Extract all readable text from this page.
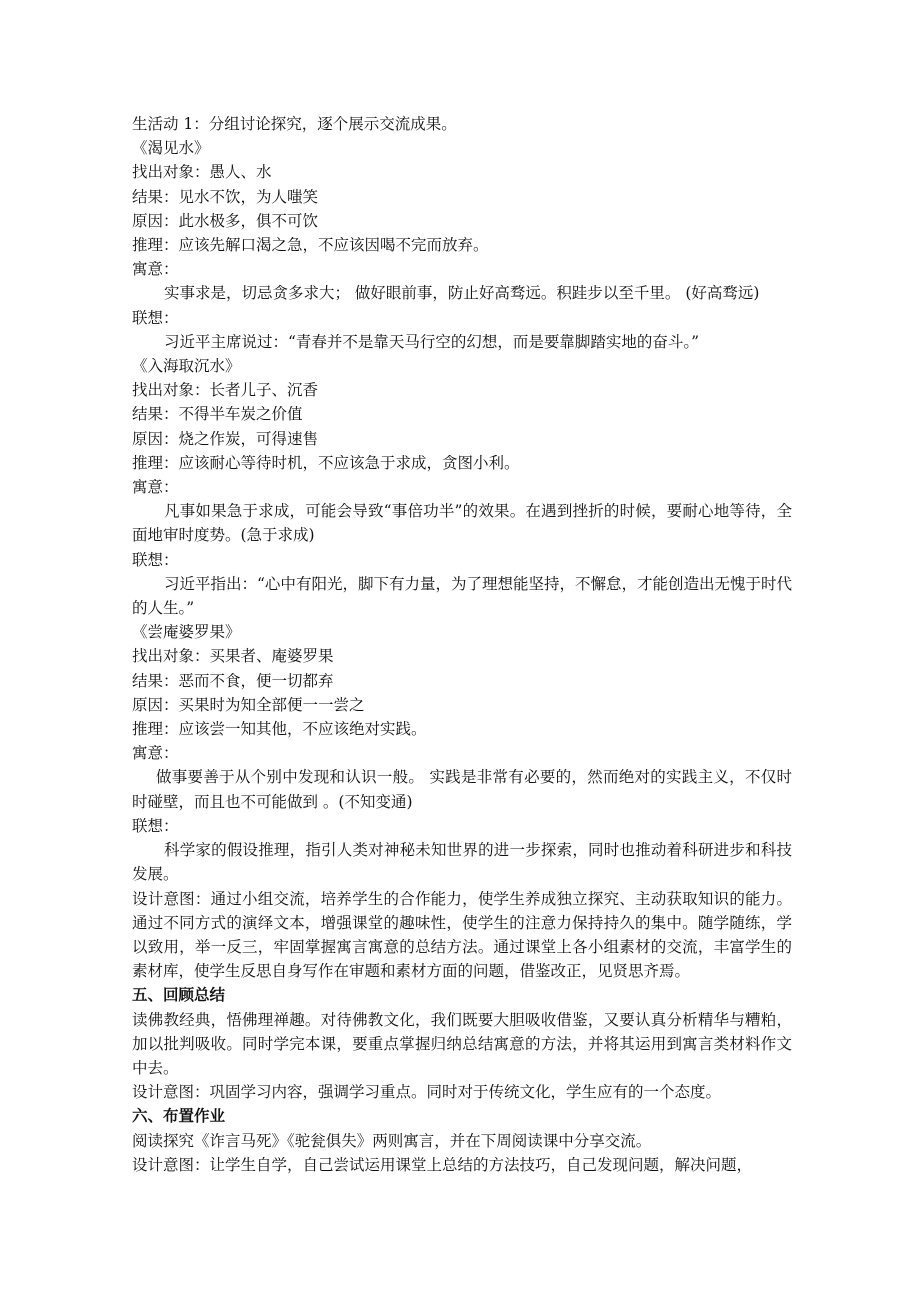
生活动 1：分组讨论探究，逐个展示交流成果。

《渴见水》

找出对象：愚人、水

结果：见水不饮，为人嗤笑

原因：此水极多，俱不可饮

推理：应该先解口渴之急，不应该因喝不完而放弃。

寓意：

实事求是，切忌贪多求大； 做好眼前事，防止好高骛远。积跬步以至千里。 (好高骛远)

联想：

习近平主席说过：“青春并不是靠天马行空的幻想，而是要靠脚踏实地的奋斗。”

《入海取沉水》

找出对象：长者儿子、沉香

结果：不得半车炭之价值

原因：烧之作炭，可得速售

推理：应该耐心等待时机，不应该急于求成，贪图小利。

寓意：

凡事如果急于求成，可能会导致“事倍功半”的效果。在遇到挫折的时候，要耐心地等待，全面地审时度势。(急于求成)

联想：

习近平指出：“心中有阳光，脚下有力量，为了理想能坚持，不懈怠，才能创造出无愧于时代的人生。”

《尝庵婆罗果》

找出对象：买果者、庵婆罗果

结果：恶而不食，便一切都弃

原因：买果时为知全部便一一尝之

推理：应该尝一知其他，不应该绝对实践。

寓意：

做事要善于从个别中发现和认识一般。 实践是非常有必要的，然而绝对的实践主义，不仅时时碰壁，而且也不可能做到 。(不知变通)

联想：

科学家的假设推理，指引人类对神秘未知世界的进一步探索，同时也推动着科研进步和科技发展。

设计意图：通过小组交流，培养学生的合作能力，使学生养成独立探究、主动获取知识的能力。通过不同方式的演绎文本，增强课堂的趣味性，使学生的注意力保持持久的集中。随学随练，学以致用，举一反三，牢固掌握寓言寓意的总结方法。通过课堂上各小组素材的交流，丰富学生的素材库，使学生反思自身写作在审题和素材方面的问题，借鉴改正，见贤思齐焉。

五、回顾总结

读佛教经典，悟佛理禅趣。对待佛教文化，我们既要大胆吸收借鉴，又要认真分析精华与糟粕，加以批判吸收。同时学完本课，要重点掌握归纳总结寓意的方法，并将其运用到寓言类材料作文中去。

设计意图：巩固学习内容，强调学习重点。同时对于传统文化，学生应有的一个态度。

六、布置作业

阅读探究《诈言马死》《驼瓮俱失》两则寓言，并在下周阅读课中分享交流。

设计意图：让学生自学，自己尝试运用课堂上总结的方法技巧，自己发现问题，解决问题，
